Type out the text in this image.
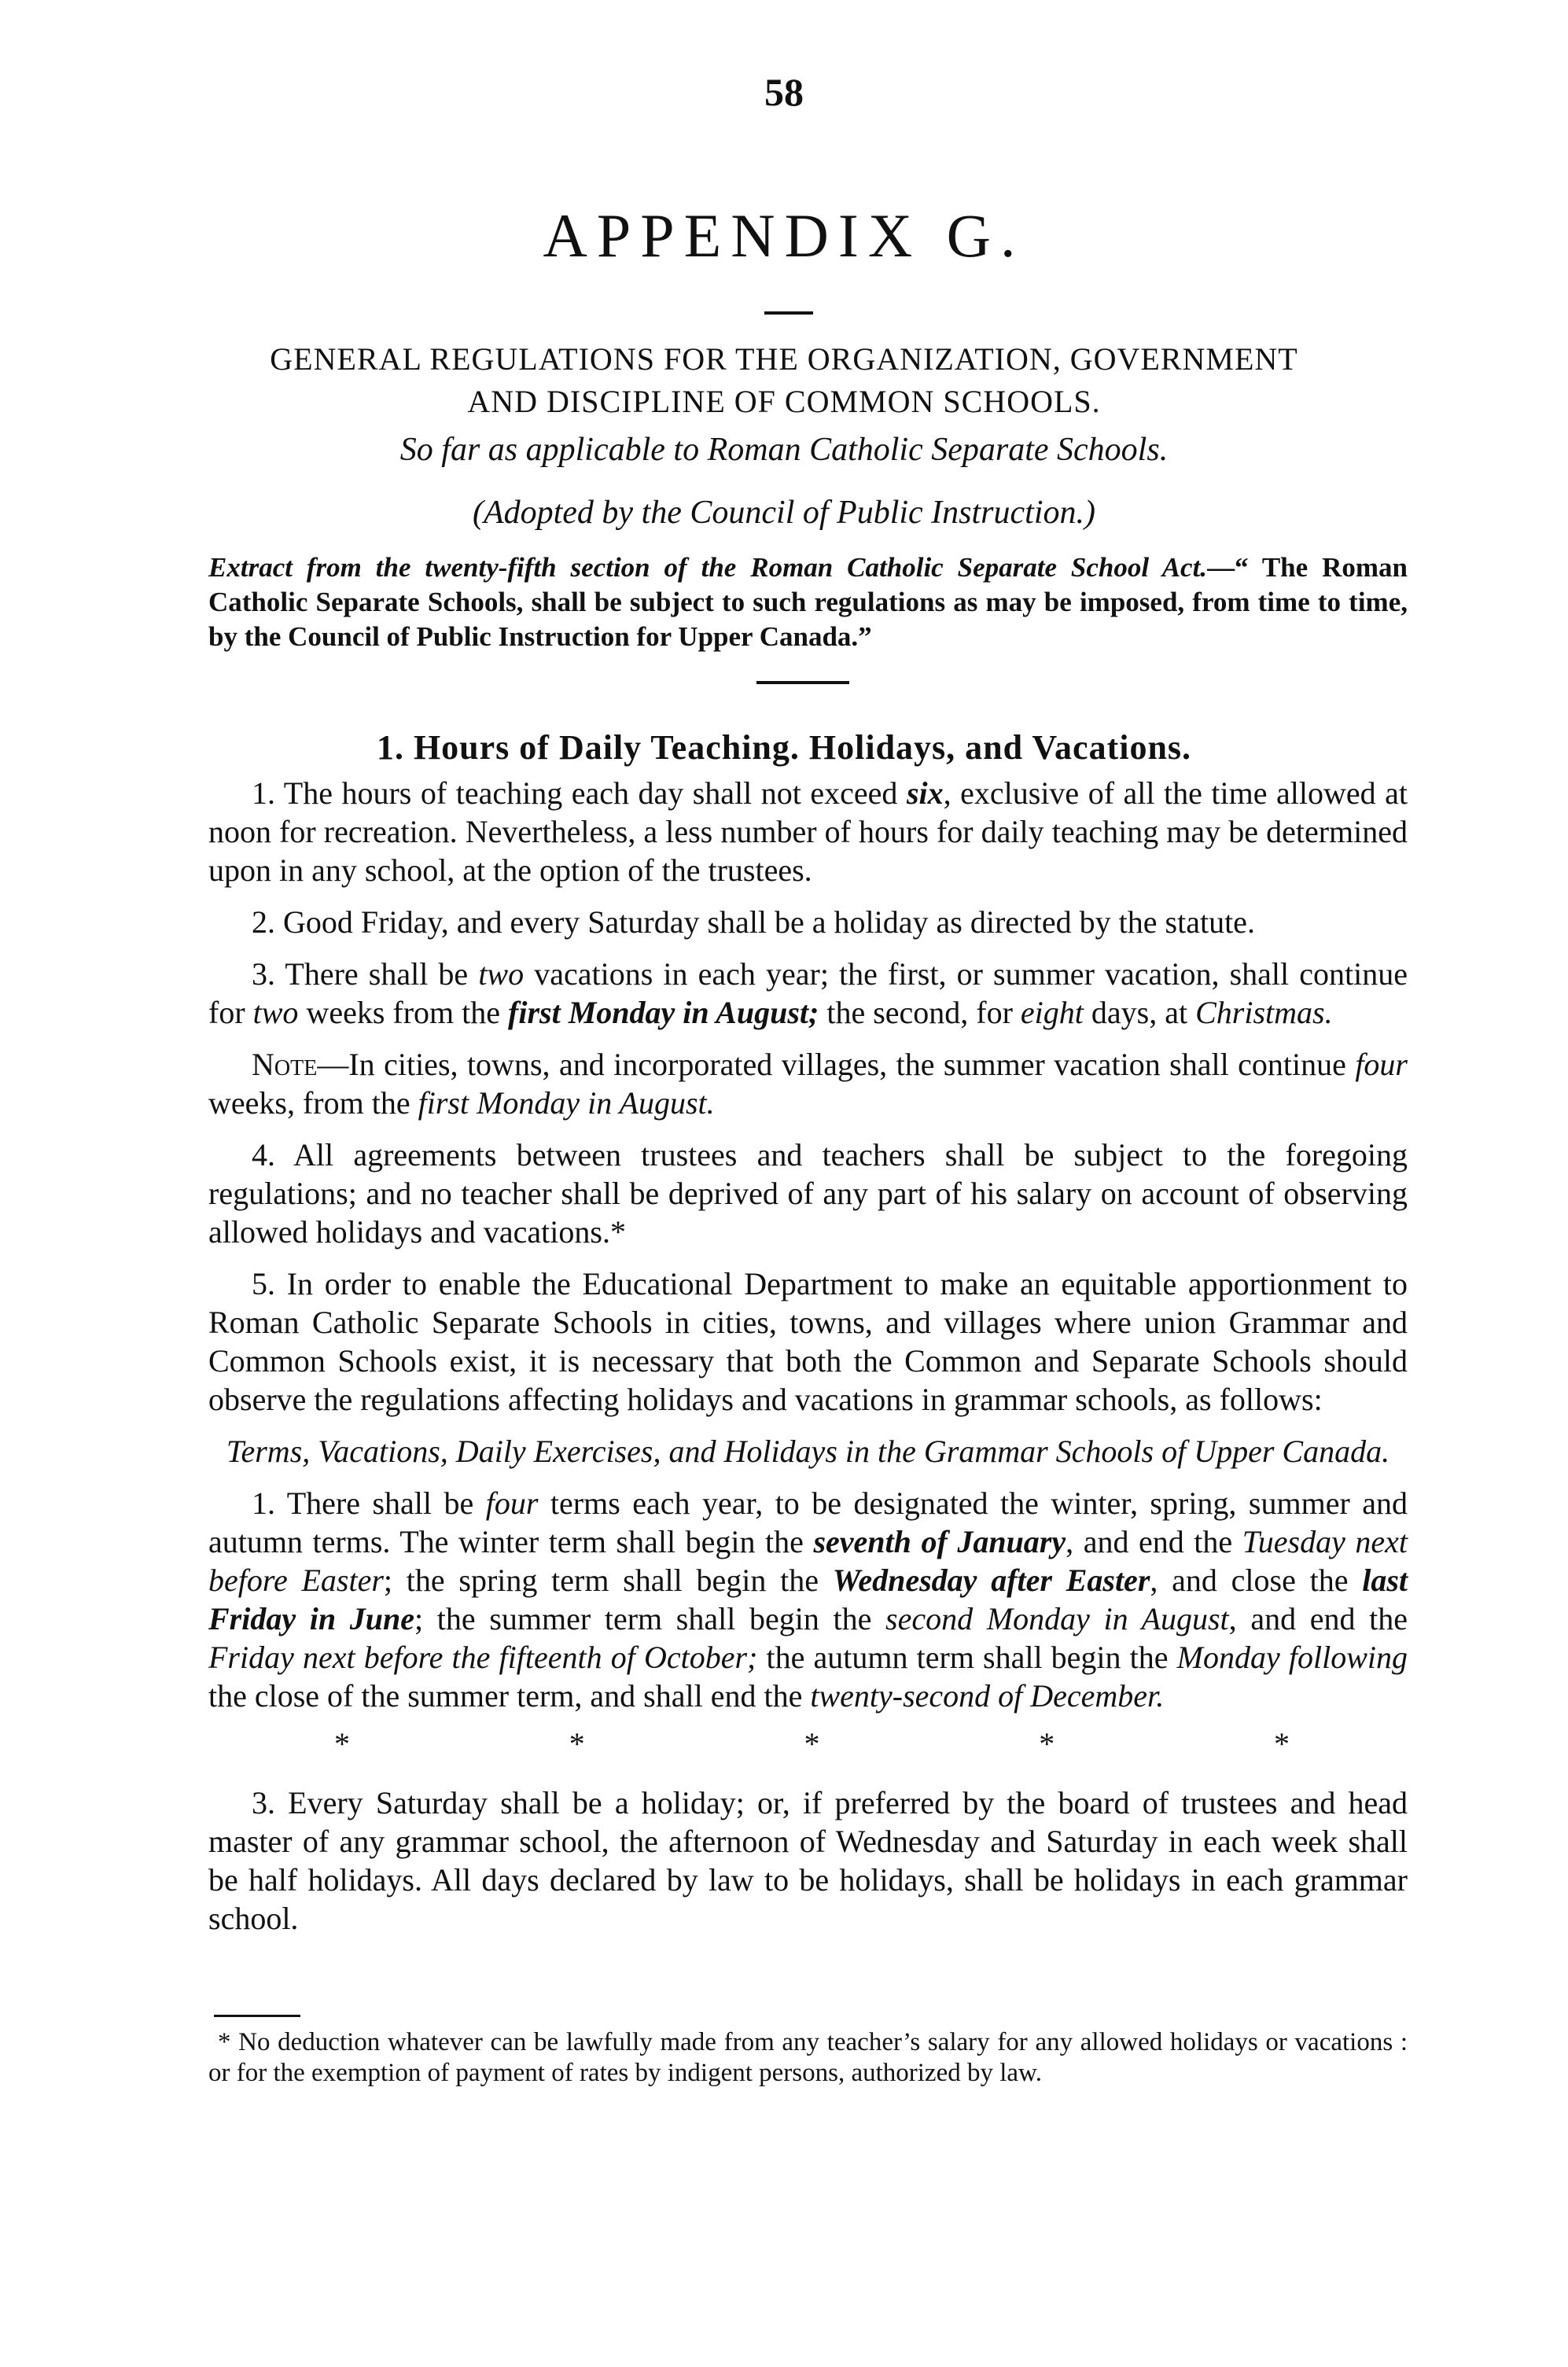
58
APPENDIX G.
GENERAL REGULATIONS FOR THE ORGANIZATION, GOVERNMENT
AND DISCIPLINE OF COMMON SCHOOLS.
So far as applicable to Roman Catholic Separate Schools.
(Adopted by the Council of Public Instruction.)
Extract from the twenty-fifth section of the Roman Catholic Separate School Act.—“ The Roman Catholic Separate Schools, shall be subject to such regulations as may be imposed, from time to time, by the Council of Public Instruction for Upper Canada.”
1. Hours of Daily Teaching. Holidays, and Vacations.

1. The hours of teaching each day shall not exceed six, exclusive of all the time allowed at noon for recreation. Nevertheless, a less number of hours for daily teaching may be determined upon in any school, at the option of the trustees.

2. Good Friday, and every Saturday shall be a holiday as directed by the statute.

3. There shall be two vacations in each year; the first, or summer vacation, shall continue for two weeks from the first Monday in August; the second, for eight days, at Christmas.

Note—In cities, towns, and incorporated villages, the summer vacation shall continue four weeks, from the first Monday in August.

4. All agreements between trustees and teachers shall be subject to the foregoing regulations; and no teacher shall be deprived of any part of his salary on account of observing allowed holidays and vacations.*

5. In order to enable the Educational Department to make an equitable apportionment to Roman Catholic Separate Schools in cities, towns, and villages where union Grammar and Common Schools exist, it is necessary that both the Common and Separate Schools should observe the regulations affecting holidays and vacations in grammar schools, as follows:

Terms, Vacations, Daily Exercises, and Holidays in the Grammar Schools of Upper Canada.

1. There shall be four terms each year, to be designated the winter, spring, summer and autumn terms. The winter term shall begin the seventh of January, and end the Tuesday next before Easter; the spring term shall begin the Wednesday after Easter, and close the last Friday in June; the summer term shall begin the second Monday in August, and end the Friday next before the fifteenth of October; the autumn term shall begin the Monday following the close of the summer term, and shall end the twenty-second of December.

*	*	*	*	*

3. Every Saturday shall be a holiday; or, if preferred by the board of trustees and head master of any grammar school, the afternoon of Wednesday and Saturday in each week shall be half holidays. All days declared by law to be holidays, shall be holidays in each grammar school.

* No deduction whatever can be lawfully made from any teacher’s salary for any allowed holidays or vacations : or for the exemption of payment of rates by indigent persons, authorized by law.
